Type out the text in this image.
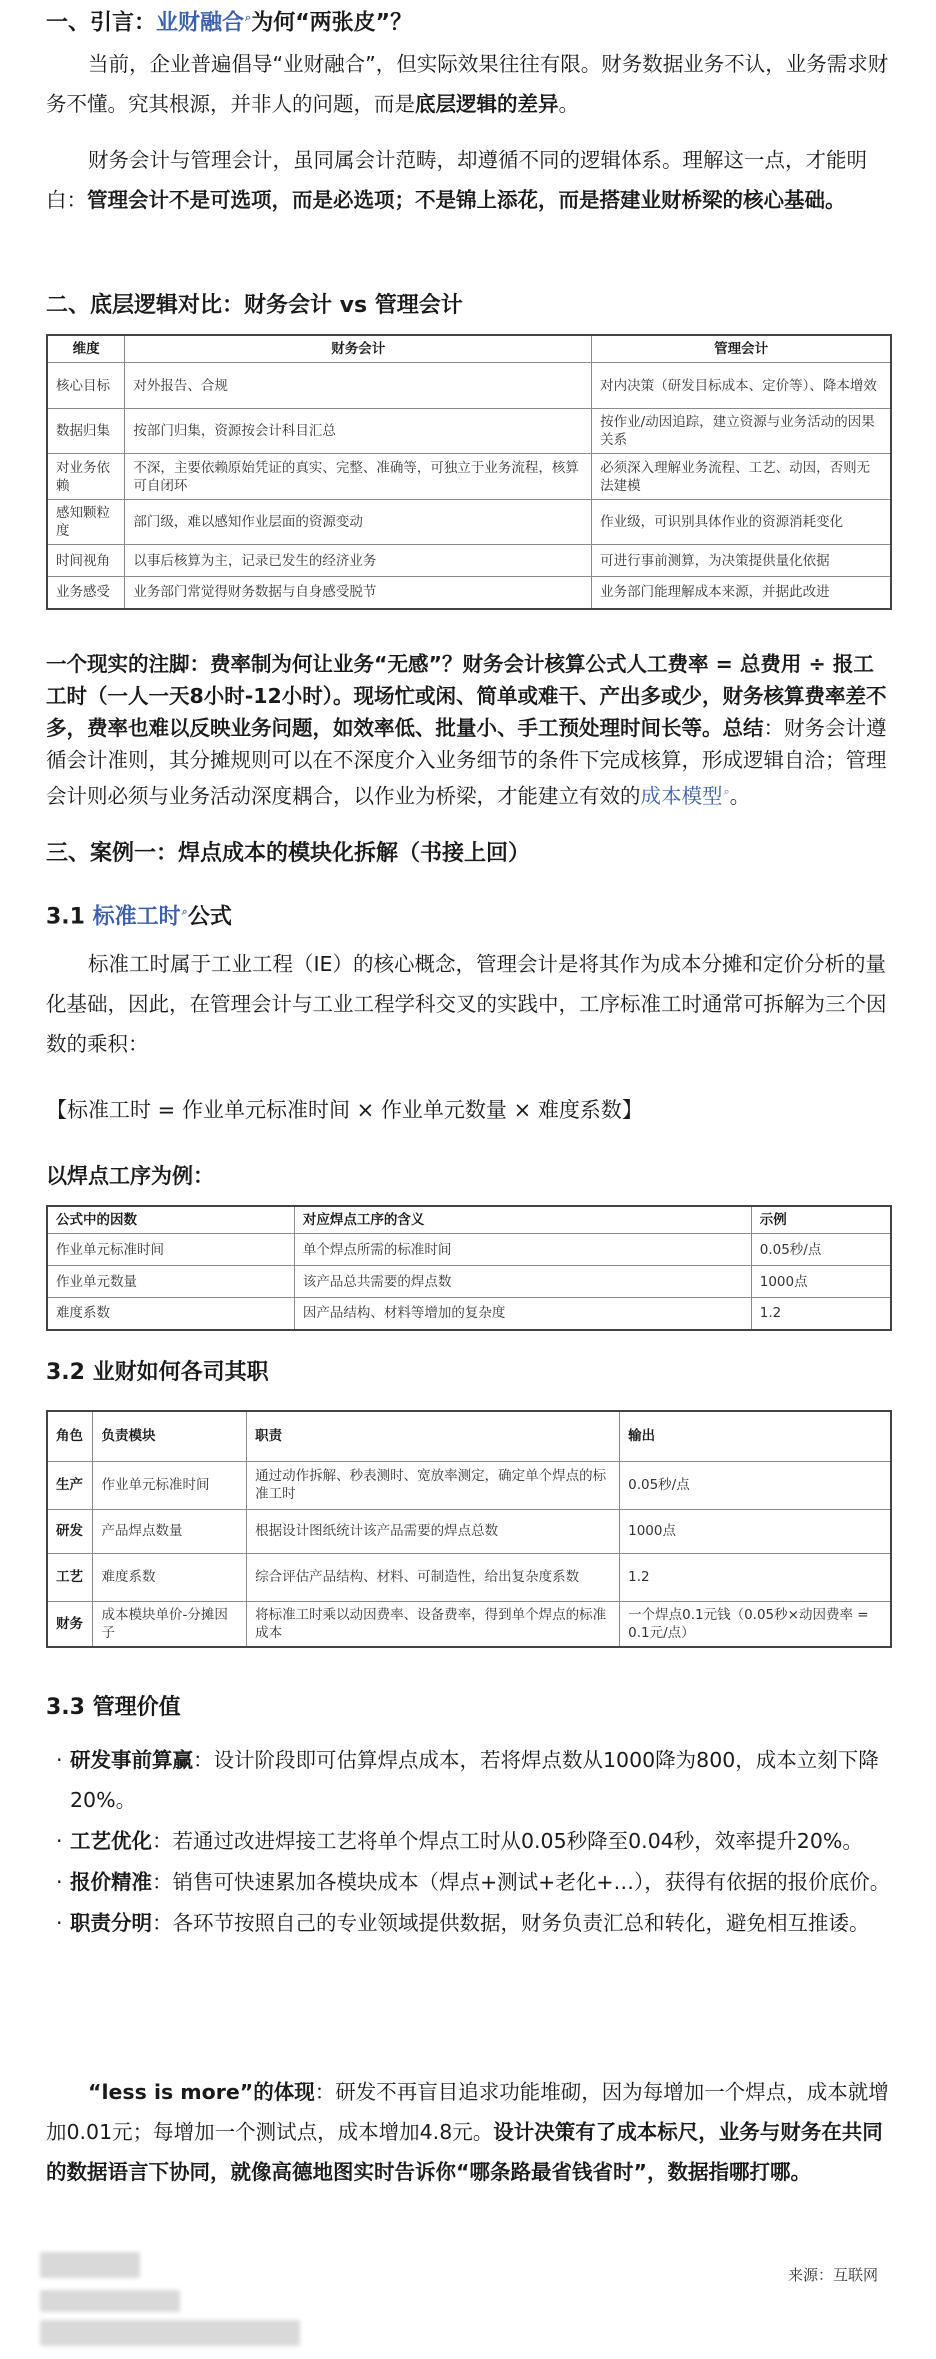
一、引言：业财融合⌕为何“两张皮”？

当前，企业普遍倡导“业财融合”，但实际效果往往有限。财务数据业务不认，业务需求财务不懂。究其根源，并非人的问题，而是底层逻辑的差异。

财务会计与管理会计，虽同属会计范畴，却遵循不同的逻辑体系。理解这一点，才能明白：管理会计不是可选项，而是必选项；不是锦上添花，而是搭建业财桥梁的核心基础。

二、底层逻辑对比：财务会计 vs 管理会计
维度	财务会计	管理会计
核心目标	对外报告、合规	对内决策（研发目标成本、定价等）、降本增效
数据归集	按部门归集，资源按会计科目汇总	按作业/动因追踪，建立资源与业务活动的因果关系
对业务依赖	不深，主要依赖原始凭证的真实、完整、准确等，可独立于业务流程，核算可自闭环	必须深入理解业务流程、工艺、动因，否则无法建模
感知颗粒度	部门级，难以感知作业层面的资源变动	作业级，可识别具体作业的资源消耗变化
时间视角	以事后核算为主，记录已发生的经济业务	可进行事前测算，为决策提供量化依据
业务感受	业务部门常觉得财务数据与自身感受脱节	业务部门能理解成本来源，并据此改进

一个现实的注脚：费率制为何让业务“无感”？财务会计核算公式人工费率 = 总费用 ÷ 报工工时（一人一天8小时-12小时）。现场忙或闲、简单或难干、产出多或少，财务核算费率差不多，费率也难以反映业务问题，如效率低、批量小、手工预处理时间长等。总结：财务会计遵循会计准则，其分摊规则可以在不深度介入业务细节的条件下完成核算，形成逻辑自洽；管理会计则必须与业务活动深度耦合，以作业为桥梁，才能建立有效的成本模型⌕。

三、案例一：焊点成本的模块化拆解（书接上回）
3.1 标准工时⌕公式

标准工时属于工业工程（IE）的核心概念，管理会计是将其作为成本分摊和定价分析的量化基础，因此，在管理会计与工业工程学科交叉的实践中，工序标准工时通常可拆解为三个因数的乘积：

【标准工时 = 作业单元标准时间 × 作业单元数量 × 难度系数】
以焊点工序为例：
公式中的因数	对应焊点工序的含义	示例
作业单元标准时间	单个焊点所需的标准时间	0.05秒/点
作业单元数量	该产品总共需要的焊点数	1000点
难度系数	因产品结构、材料等增加的复杂度	1.2
3.2 业财如何各司其职
角色	负责模块	职责	输出
生产	作业单元标准时间	通过动作拆解、秒表测时、宽放率测定，确定单个焊点的标准工时	0.05秒/点
研发	产品焊点数量	根据设计图纸统计该产品需要的焊点总数	1000点
工艺	难度系数	综合评估产品结构、材料、可制造性，给出复杂度系数	1.2
财务	成本模块单价-分摊因子	将标准工时乘以动因费率、设备费率，得到单个焊点的标准成本	一个焊点0.1元钱（0.05秒×动因费率 = 0.1元/点）
3.3 管理价值
· 研发事前算赢：设计阶段即可估算焊点成本，若将焊点数从1000降为800，成本立刻下降20%。
· 工艺优化：若通过改进焊接工艺将单个焊点工时从0.05秒降至0.04秒，效率提升20%。
· 报价精准：销售可快速累加各模块成本（焊点+测试+老化+…），获得有依据的报价底价。
· 职责分明：各环节按照自己的专业领域提供数据，财务负责汇总和转化，避免相互推诿。

“less is more”的体现：研发不再盲目追求功能堆砌，因为每增加一个焊点，成本就增加0.01元；每增加一个测试点，成本增加4.8元。设计决策有了成本标尺，业务与财务在共同的数据语言下协同，就像高德地图实时告诉你“哪条路最省钱省时”，数据指哪打哪。

来源：互联网
